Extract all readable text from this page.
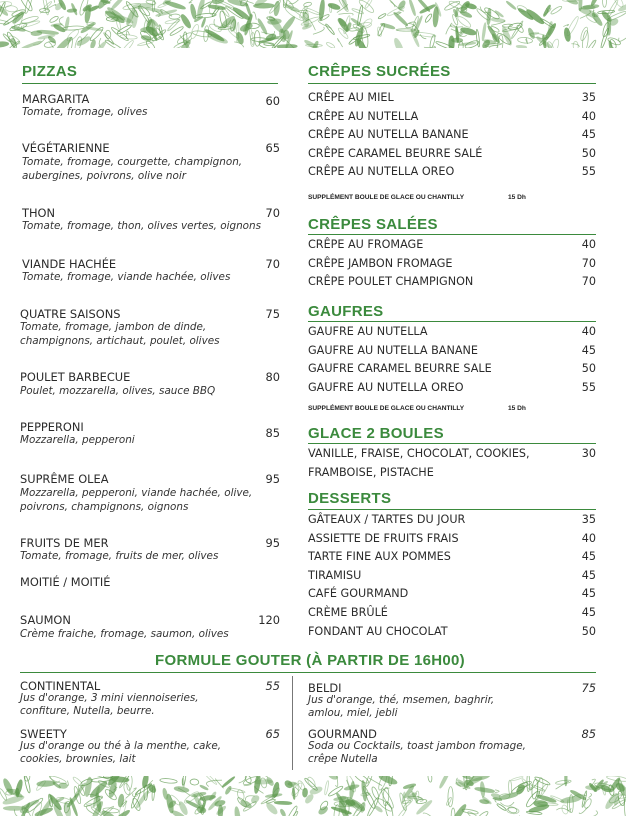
PIZZAS
MARGARITA	60
Tomate, fromage, olives
VÉGÉTARIENNE	65
Tomate, fromage, courgette, champignon, aubergines, poivrons, olive noir
THON	70
Tomate, fromage, thon, olives vertes, oignons
VIANDE HACHÉE	70
Tomate, fromage, viande hachée, olives
QUATRE SAISONS	75
Tomate, fromage, jambon de dinde, champignons, artichaut, poulet, olives
POULET BARBECUE	80
Poulet, mozzarella, olives, sauce BBQ
PEPPERONI	85
Mozzarella, pepperoni
SUPRÊME OLEA	95
Mozzarella, pepperoni, viande hachée, olive, poivrons, champignons, oignons
FRUITS DE MER	95
Tomate, fromage, fruits de mer, olives
MOITIÉ / MOITIÉ
SAUMON	120
Crème fraiche, fromage, saumon, olives
CRÊPES SUCRÉES
CRÊPE AU MIEL	35
CRÊPE AU NUTELLA	40
CRÊPE AU NUTELLA BANANE	45
CRÊPE CARAMEL BEURRE SALÉ	50
CRÊPE AU NUTELLA OREO	55
SUPPLÉMENT BOULE DE GLACE OU CHANTILLY	15 Dh
CRÊPES SALÉES
CRÊPE AU FROMAGE	40
CRÊPE JAMBON FROMAGE	70
CRÊPE POULET CHAMPIGNON	70
GAUFRES
GAUFRE AU NUTELLA	40
GAUFRE AU NUTELLA BANANE	45
GAUFRE CARAMEL BEURRE SALE	50
GAUFRE AU NUTELLA OREO	55
SUPPLÉMENT BOULE DE GLACE OU CHANTILLY	15 Dh
GLACE 2 BOULES
VANILLE, FRAISE, CHOCOLAT, COOKIES,	30
FRAMBOISE, PISTACHE
DESSERTS
GÂTEAUX / TARTES DU JOUR	35
ASSIETTE DE FRUITS FRAIS	40
TARTE FINE AUX POMMES	45
TIRAMISU	45
CAFÉ GOURMAND	45
CRÈME BRÛLÉ	45
FONDANT AU CHOCOLAT	50
FORMULE GOUTER (À PARTIR DE 16H00)
CONTINENTAL	55
Jus d'orange, 3 mini viennoiseries, confiture, Nutella, beurre.
SWEETY	65
Jus d'orange ou thé à la menthe, cake, cookies, brownies, lait
BELDI	75
Jus d'orange, thé, msemen, baghrir, amlou, miel, jebli
GOURMAND	85
Soda ou Cocktails, toast jambon fromage, crêpe Nutella
